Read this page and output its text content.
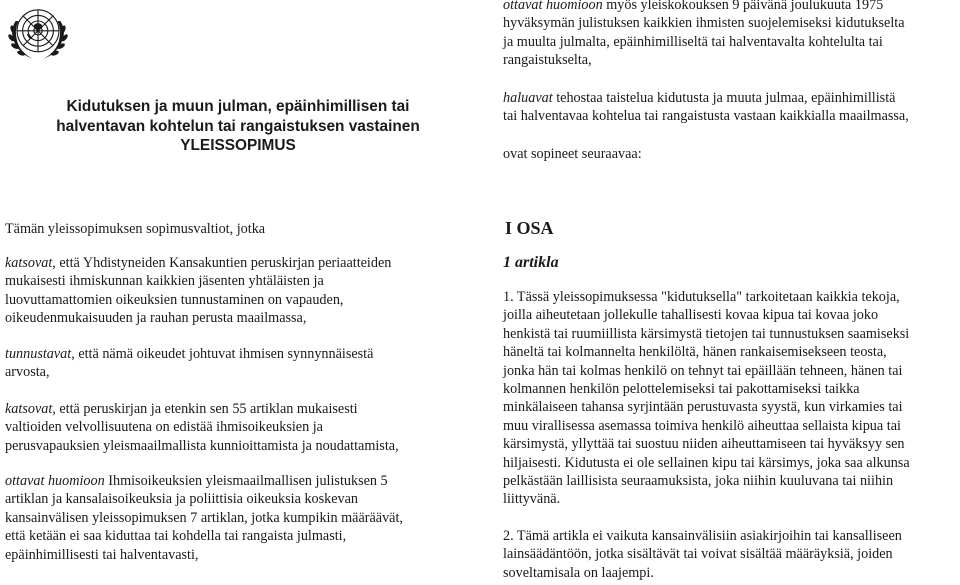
Kidutuksen ja muun julman, epäinhimillisen tai
halventavan kohtelun tai rangaistuksen vastainen
YLEISSOPIMUS

Tämän yleissopimuksen sopimusvaltiot, jotka

katsovat, että Yhdistyneiden Kansakuntien peruskirjan periaatteiden
mukaisesti ihmiskunnan kaikkien jäsenten yhtäläisten ja
luovuttamattomien oikeuksien tunnustaminen on vapauden,
oikeudenmukaisuuden ja rauhan perusta maailmassa,

tunnustavat, että nämä oikeudet johtuvat ihmisen synnynnäisestä
arvosta,

katsovat, että peruskirjan ja etenkin sen 55 artiklan mukaisesti
valtioiden velvollisuutena on edistää ihmisoikeuksien ja
perusvapauksien yleismaailmallista kunnioittamista ja noudattamista,

ottavat huomioon Ihmisoikeuksien yleismaailmallisen julistuksen 5
artiklan ja kansalaisoikeuksia ja poliittisia oikeuksia koskevan
kansainvälisen yleissopimuksen 7 artiklan, jotka kumpikin määräävät,
että ketään ei saa kiduttaa tai kohdella tai rangaista julmasti,
epäinhimillisesti tai halventavasti,

ottavat huomioon myös yleiskokouksen 9 päivänä joulukuuta 1975
hyväksymän julistuksen kaikkien ihmisten suojelemiseksi kidutukselta
ja muulta julmalta, epäinhimilliseltä tai halventavalta kohtelulta tai
rangaistukselta,

haluavat tehostaa taistelua kidutusta ja muuta julmaa, epäinhimillistä
tai halventavaa kohtelua tai rangaistusta vastaan kaikkialla maailmassa,

ovat sopineet seuraavaa:

I OSA
1 artikla

1. Tässä yleissopimuksessa "kidutuksella" tarkoitetaan kaikkia tekoja,
joilla aiheutetaan jollekulle tahallisesti kovaa kipua tai kovaa joko
henkistä tai ruumiillista kärsimystä tietojen tai tunnustuksen saamiseksi
häneltä tai kolmannelta henkilöltä, hänen rankaisemisekseen teosta,
jonka hän tai kolmas henkilö on tehnyt tai epäillään tehneen, hänen tai
kolmannen henkilön pelottelemiseksi tai pakottamiseksi taikka
minkälaiseen tahansa syrjintään perustuvasta syystä, kun virkamies tai
muu virallisessa asemassa toimiva henkilö aiheuttaa sellaista kipua tai
kärsimystä, yllyttää tai suostuu niiden aiheuttamiseen tai hyväksyy sen
hiljaisesti. Kidutusta ei ole sellainen kipu tai kärsimys, joka saa alkunsa
pelkästään laillisista seuraamuksista, joka niihin kuuluvana tai niihin
liittyvänä.

2. Tämä artikla ei vaikuta kansainvälisiin asiakirjoihin tai kansalliseen
lainsäädäntöön, jotka sisältävät tai voivat sisältää määräyksiä, joiden
soveltamisala on laajempi.
